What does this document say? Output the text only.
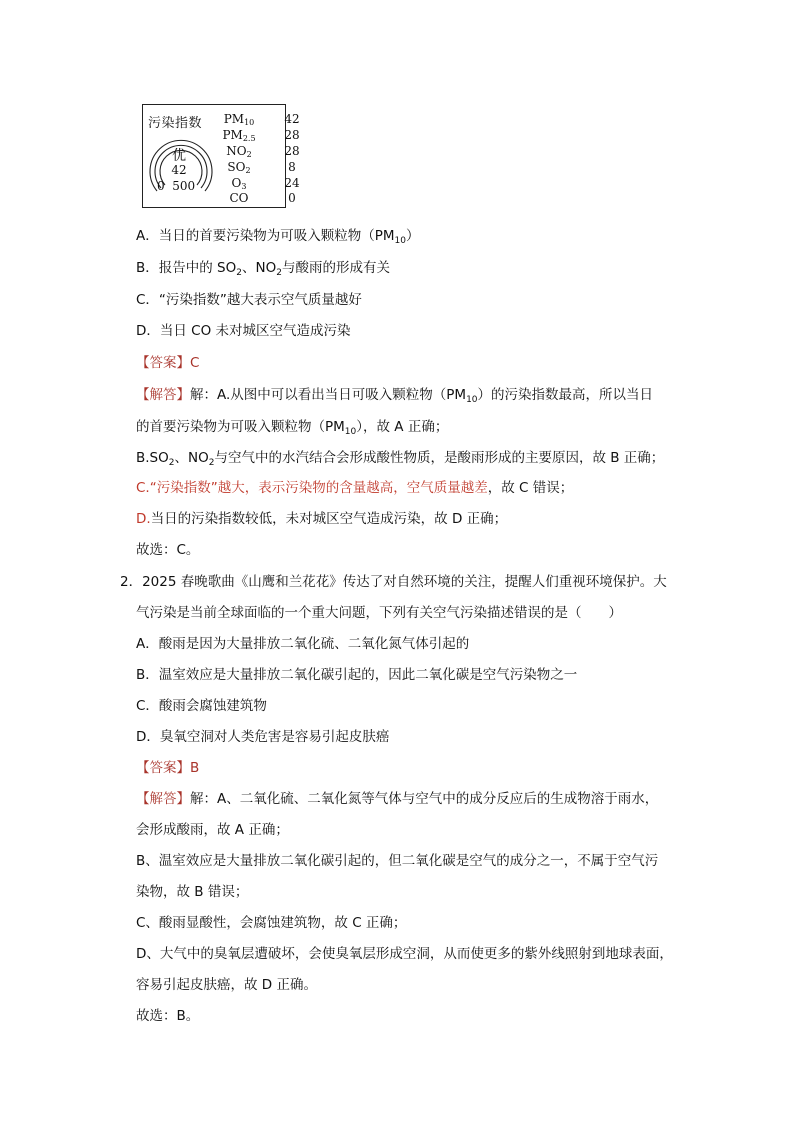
污染指数
优
42
0 500
$PM_{10}$	42
$PM_{2.5}$	28
$NO_2$	28
$SO_2$	8
$O_3$	24
CO	0
A．当日的首要污染物为可吸入颗粒物$(PM_{10})$
B．报告中的 $SO_2$、$NO_2$与酸雨的形成有关
C．“污染指数”越大表示空气质量越好
D．当日 CO 未对城区空气造成污染
【答案】C
【解答】解：A.从图中可以看出当日可吸入颗粒物$(PM_{10})$的污染指数最高，所以当日
的首要污染物为可吸入颗粒物$(PM_{10})$，故 A 正确；
$B.SO_2$、$NO_2$与空气中的水汽结合会形成酸性物质，是酸雨形成的主要原因，故 B 正确；
C.“污染指数”越大，表示污染物的含量越高，空气质量越差，故 C 错误；
D.当日的污染指数较低，未对城区空气造成污染，故 D 正确；
故选：C。
2．2025 春晚歌曲《山鹰和兰花花》传达了对自然环境的关注，提醒人们重视环境保护。大
气污染是当前全球面临的一个重大问题，下列有关空气污染描述错误的是（　　）
A．酸雨是因为大量排放二氧化硫、二氧化氮气体引起的
B．温室效应是大量排放二氧化碳引起的，因此二氧化碳是空气污染物之一
C．酸雨会腐蚀建筑物
D．臭氧空洞对人类危害是容易引起皮肤癌
【答案】B
【解答】解：A、二氧化硫、二氧化氮等气体与空气中的成分反应后的生成物溶于雨水，
会形成酸雨，故 A 正确；
B、温室效应是大量排放二氧化碳引起的，但二氧化碳是空气的成分之一，不属于空气污
染物，故 B 错误；
C、酸雨显酸性，会腐蚀建筑物，故 C 正确；
D、大气中的臭氧层遭破坏，会使臭氧层形成空洞，从而使更多的紫外线照射到地球表面，
容易引起皮肤癌，故 D 正确。
故选：B。
